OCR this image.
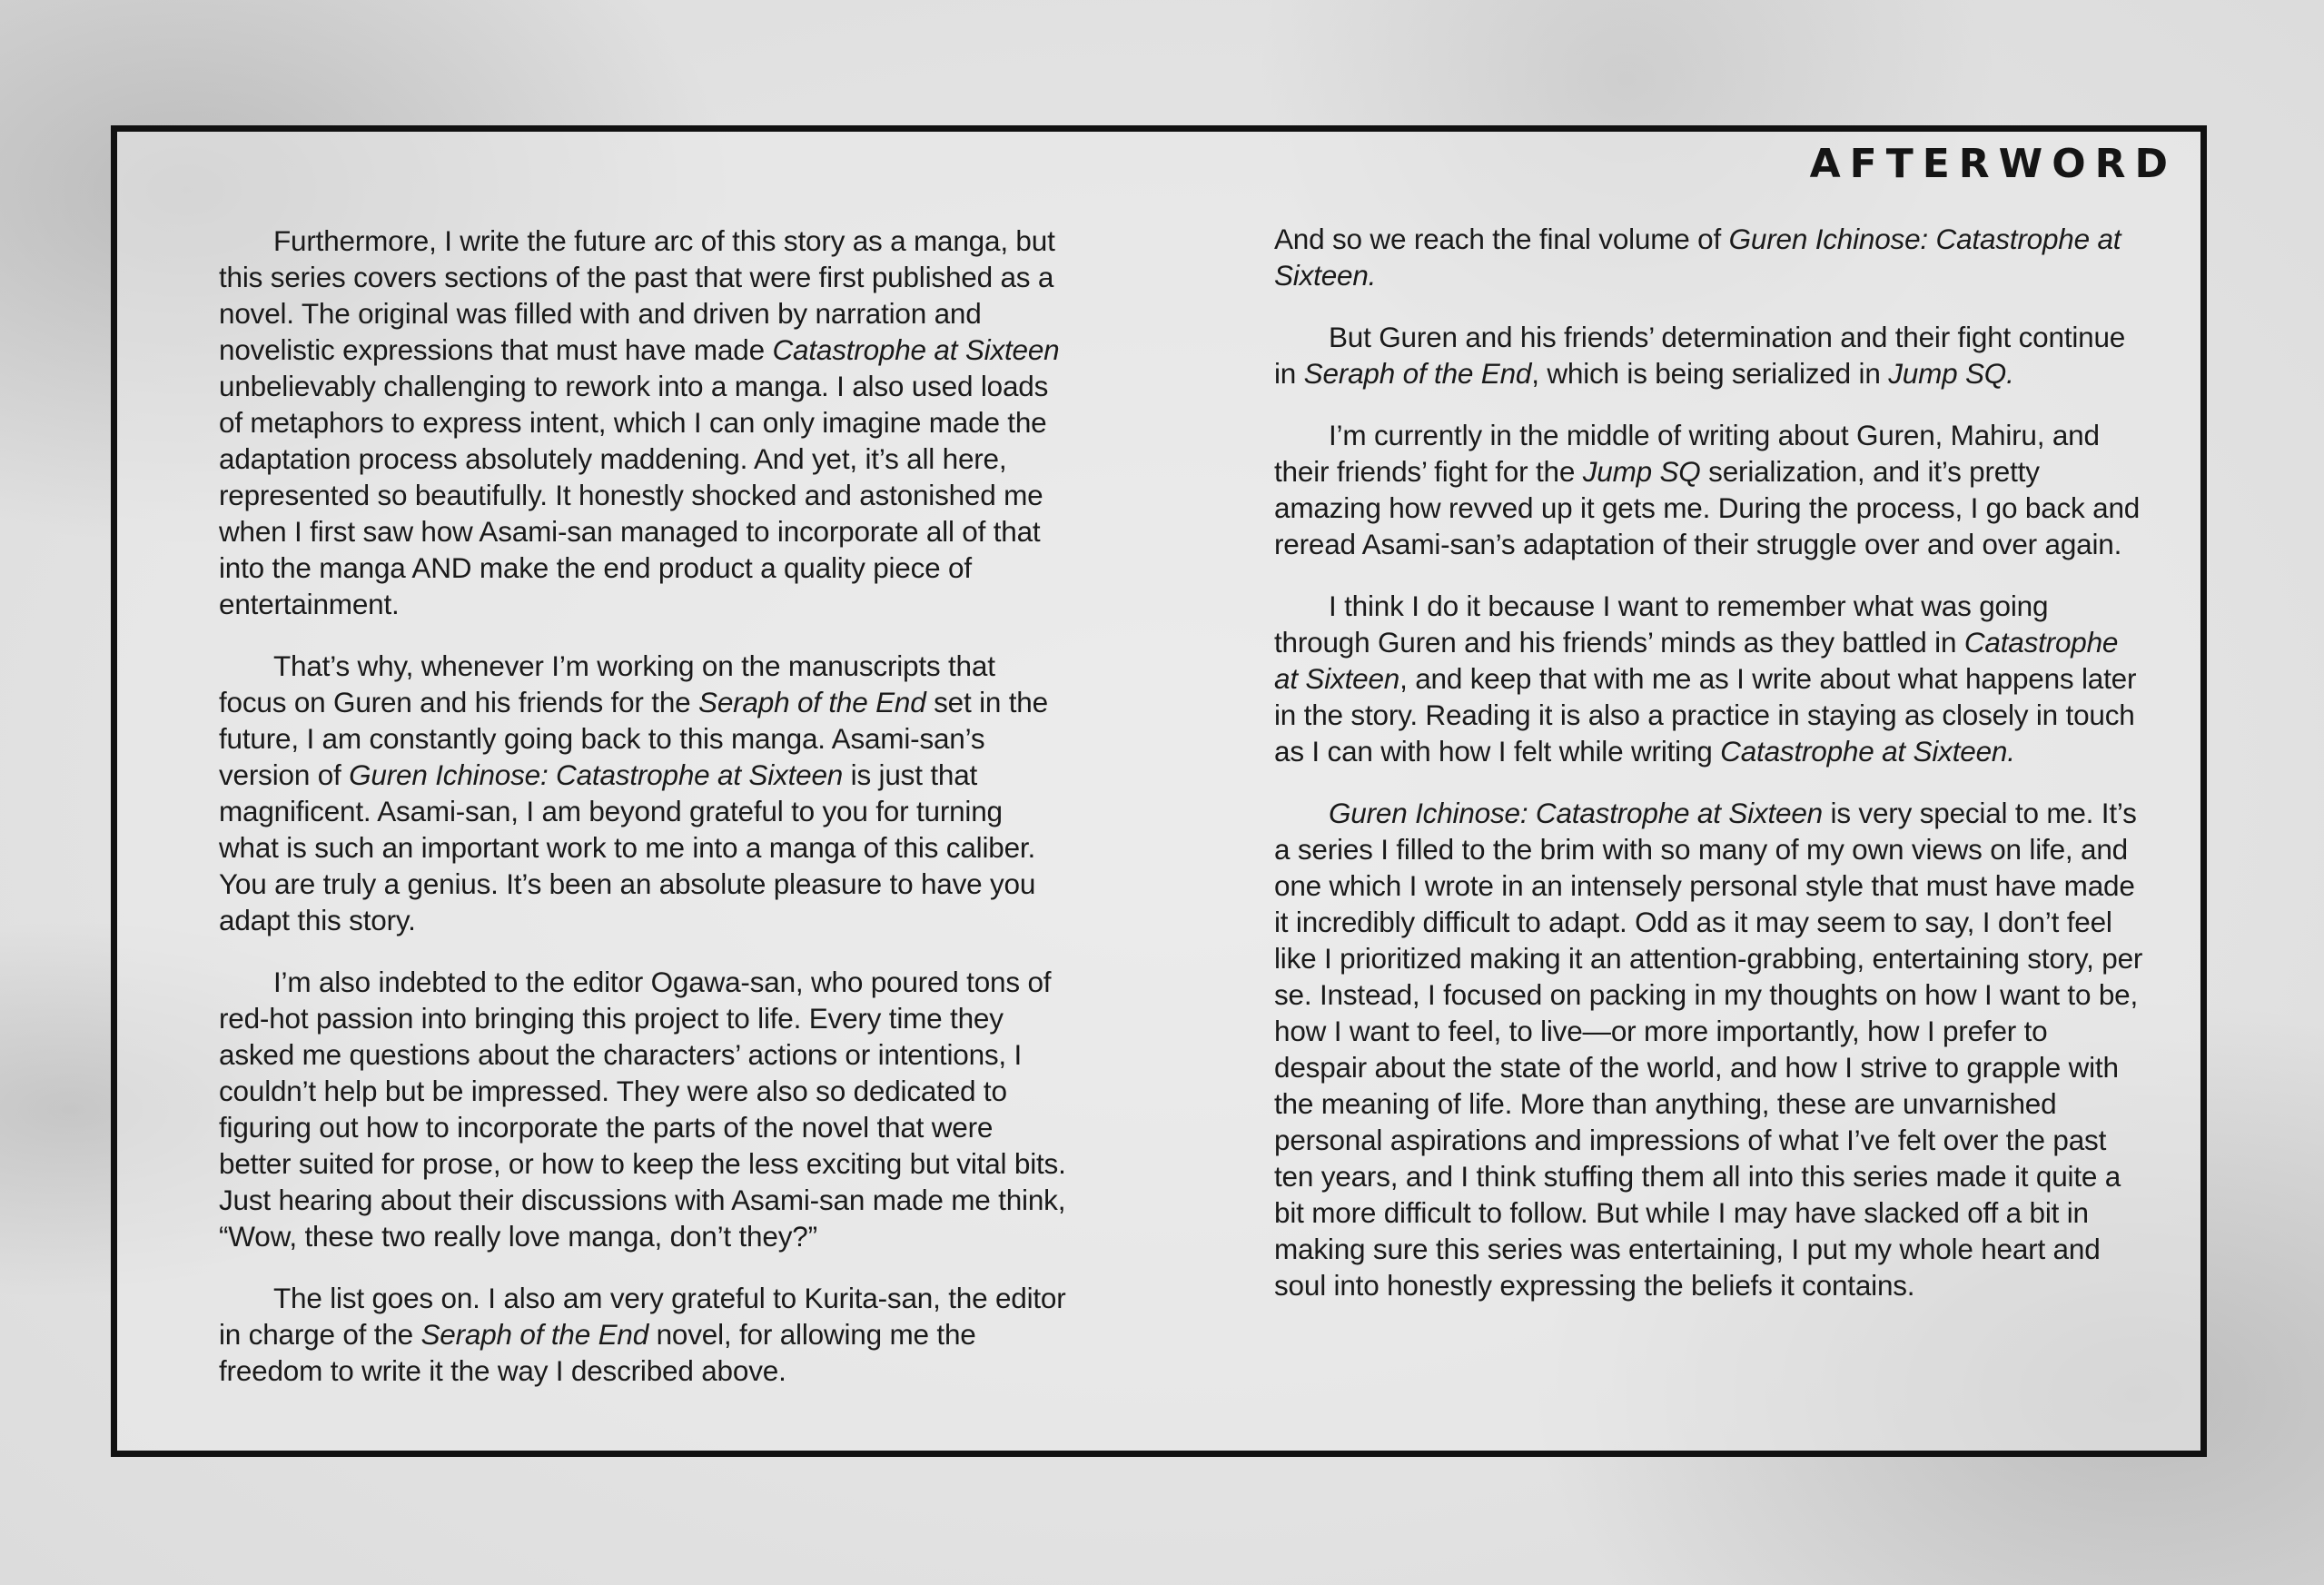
AFTERWORD

Furthermore, I write the future arc of this story as a manga, but this series covers sections of the past that were first published as a novel. The original was filled with and driven by narration and novelistic expressions that must have made Catastrophe at Sixteen unbelievably challenging to rework into a manga. I also used loads of metaphors to express intent, which I can only imagine made the adaptation process absolutely maddening. And yet, it’s all here, represented so beautifully. It honestly shocked and astonished me when I first saw how Asami-san managed to incorporate all of that into the manga AND make the end product a quality piece of entertainment.

That’s why, whenever I’m working on the manuscripts that focus on Guren and his friends for the Seraph of the End set in the future, I am constantly going back to this manga. Asami-san’s version of Guren Ichinose: Catastrophe at Sixteen is just that magnificent. Asami-san, I am beyond grateful to you for turning what is such an important work to me into a manga of this caliber. You are truly a genius. It’s been an absolute pleasure to have you adapt this story.

I’m also indebted to the editor Ogawa-san, who poured tons of red-hot passion into bringing this project to life. Every time they asked me questions about the characters’ actions or intentions, I couldn’t help but be impressed. They were also so dedicated to figuring out how to incorporate the parts of the novel that were better suited for prose, or how to keep the less exciting but vital bits. Just hearing about their discussions with Asami-san made me think, “Wow, these two really love manga, don’t they?”

The list goes on. I also am very grateful to Kurita-san, the editor in charge of the Seraph of the End novel, for allowing me the freedom to write it the way I described above.

And so we reach the final volume of Guren Ichinose: Catastrophe at Sixteen.

But Guren and his friends’ determination and their fight continue in Seraph of the End, which is being serialized in Jump SQ.

I’m currently in the middle of writing about Guren, Mahiru, and their friends’ fight for the Jump SQ serialization, and it’s pretty amazing how revved up it gets me. During the process, I go back and reread Asami-san’s adaptation of their struggle over and over again.

I think I do it because I want to remember what was going through Guren and his friends’ minds as they battled in Catastrophe at Sixteen, and keep that with me as I write about what happens later in the story. Reading it is also a practice in staying as closely in touch as I can with how I felt while writing Catastrophe at Sixteen.

Guren Ichinose: Catastrophe at Sixteen is very special to me. It’s a series I filled to the brim with so many of my own views on life, and one which I wrote in an intensely personal style that must have made it incredibly difficult to adapt. Odd as it may seem to say, I don’t feel like I prioritized making it an attention-grabbing, entertaining story, per se. Instead, I focused on packing in my thoughts on how I want to be, how I want to feel, to live—or more importantly, how I prefer to despair about the state of the world, and how I strive to grapple with the meaning of life. More than anything, these are unvarnished personal aspirations and impressions of what I’ve felt over the past ten years, and I think stuffing them all into this series made it quite a bit more difficult to follow. But while I may have slacked off a bit in making sure this series was entertaining, I put my whole heart and soul into honestly expressing the beliefs it contains.
